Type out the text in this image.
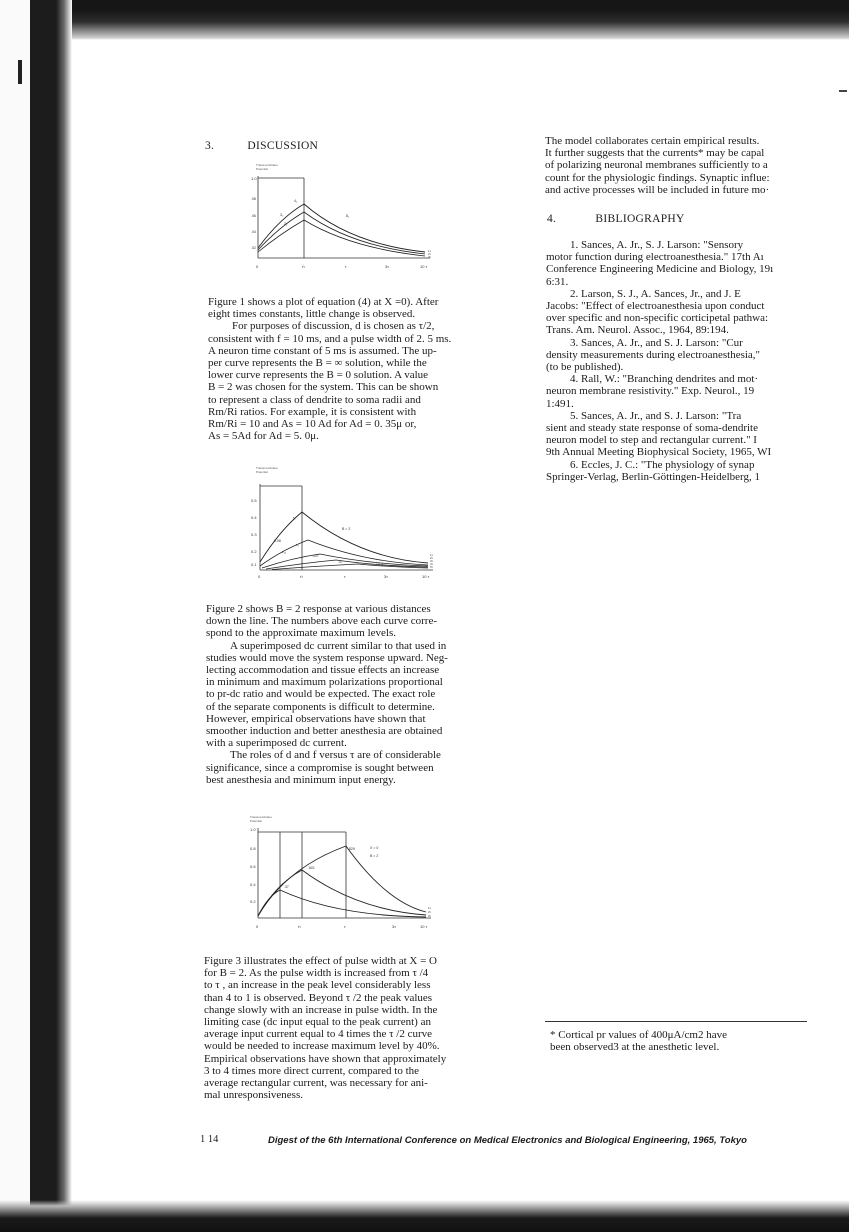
3.	DISCUSSION
Transmembrane
Potential
1.0
.08
.06
.04
.02
4₁
3₂
2₂
8₂
1τ
2τ
3τ
0	τ\	τ	3τ	10 τ

Figure 1 shows a plot of equation (4) at X =0). After

eight times constants, little change is observed.

For purposes of discussion, d is chosen as τ/2,

consistent with f = 10 ms, and a pulse width of 2. 5 ms.

A neuron time constant of 5 ms is assumed. The up-

per curve represents the B = ∞ solution, while the

lower curve represents the B = 0 solution. A value

B = 2 was chosen for the system. This can be shown

to represent a class of dendrite to soma radii and

Rm/Ri ratios. For example, it is consistent with

Rm/Ri = 10 and As = 10 Ad for Ad = 0. 35μ or,

As = 5Ad for Ad = 5. 0μ.

Transmembrane
Potential
0.5
0.4
0.3
0.2
0.1
τ₂
B = 2
0.08
τ₄
τ₄₅
.147
.07
10.4
1τ
2τ
3τ
4τ
5τ
0	τ\	τ	3τ	10 τ

Figure 2 shows B = 2 response at various distances

down the line. The numbers above each curve corre-

spond to the approximate maximum levels.

A superimposed dc current similar to that used in

studies would move the system response upward. Neg-

lecting accommodation and tissue effects an increase

in minimum and maximum polarizations proportional

to pr-dc ratio and would be expected. The exact role

of the separate components is difficult to determine.

However, empirical observations have shown that

smoother induction and better anesthesia are obtained

with a superimposed dc current.

The roles of d and f versus τ are of considerable

significance, since a compromise is sought between

best anesthesia and minimum input energy.

Transmembrane
Potential
1.0
0.8
0.6
0.4
0.2
.829
.601
.37
X = 0
B = 2
1τ
2τ
3τ
0	τ\	τ	3τ	10 τ

Figure 3 illustrates the effect of pulse width at X = O

for B = 2. As the pulse width is increased from τ /4

to τ , an increase in the peak level considerably less

than 4 to 1 is observed. Beyond τ /2 the peak values

change slowly with an increase in pulse width. In the

limiting case (dc input equal to the peak current) an

average input current equal to 4 times the τ /2 curve

would be needed to increase maximum level by 40%.

Empirical observations have shown that approximately

3 to 4 times more direct current, compared to the

average rectangular current, was necessary for ani-

mal unresponsiveness.

The model collaborates certain empirical results.

It further suggests that the currents* may be capal

of polarizing neuronal membranes sufficiently to a

count for the physiologic findings. Synaptic influe:

and active processes will be included in future mo·

4.	BIBLIOGRAPHY

1. Sances, A. Jr., S. J. Larson: "Sensory

motor function during electroanesthesia." 17th Aı

Conference Engineering Medicine and Biology, 19ı

6:31.

2. Larson, S. J., A. Sances, Jr., and J. E

Jacobs: "Effect of electroanesthesia upon conduct

over specific and non-specific corticipetal pathwa:

Trans. Am. Neurol. Assoc., 1964, 89:194.

3. Sances, A. Jr., and S. J. Larson: "Cur

density measurements during electroanesthesia,"

(to be published).

4. Rall, W.: "Branching dendrites and mot·

neuron membrane resistivity." Exp. Neurol., 19

1:491.

5. Sances, A. Jr., and S. J. Larson: "Tra

sient and steady state response of soma-dendrite

neuron model to step and rectangular current." I

9th Annual Meeting Biophysical Society, 1965, WI

6. Eccles, J. C.: "The physiology of synap

Springer-Verlag, Berlin-Göttingen-Heidelberg, 1

* Cortical pr values of 400μA/cm2 have

been observed3 at the anesthetic level.

1 14	Digest of the 6th International Conference on Medical Electronics and Biological Engineering, 1965, Tokyo
